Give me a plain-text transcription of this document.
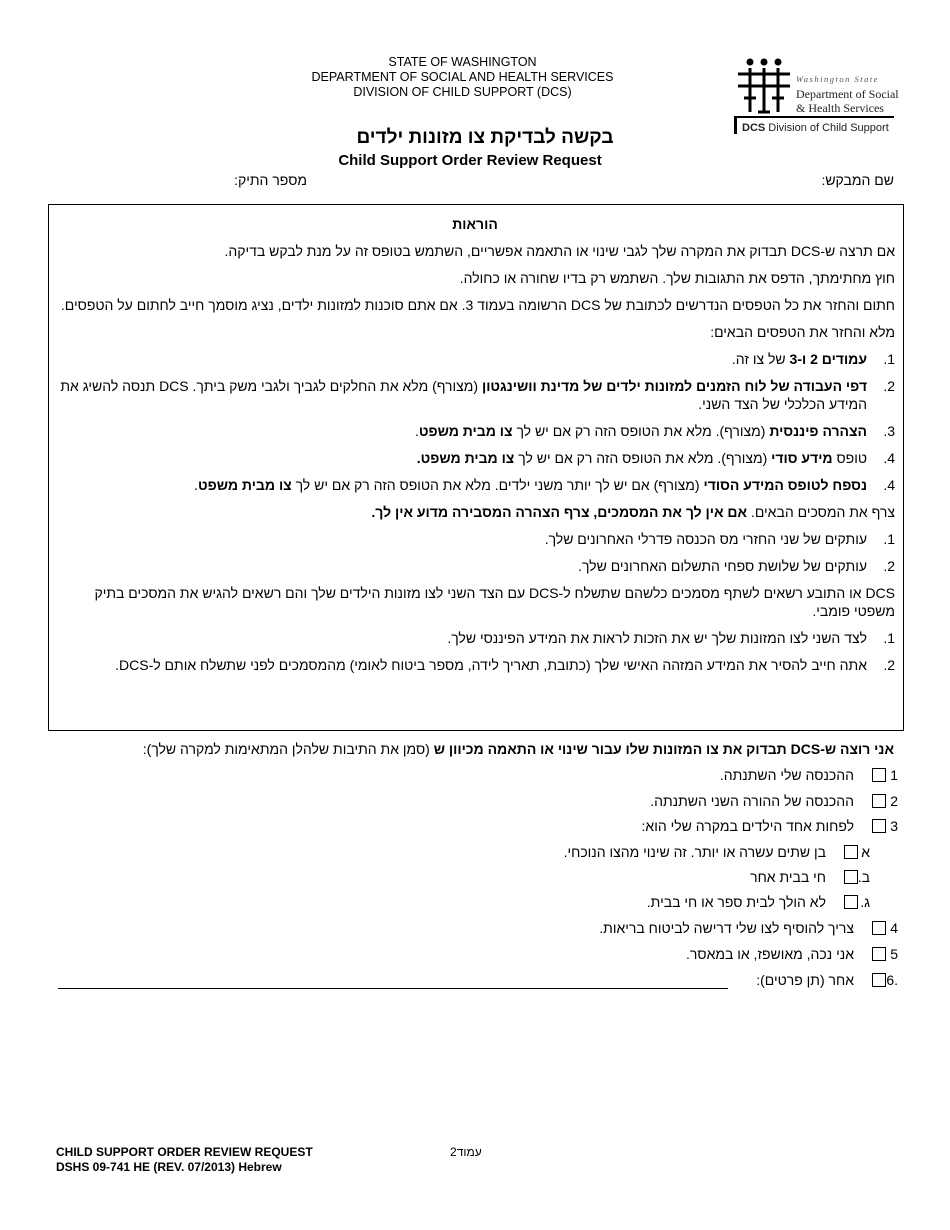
STATE OF WASHINGTON
DEPARTMENT OF SOCIAL AND HEALTH SERVICES
DIVISION OF CHILD SUPPORT (DCS)
Washington State
Department of Social
& Health Services
DCS Division of Child Support
בקשה לבדיקת צו מזונות ילדים
Child Support Order Review Request
שם המבקש:
מספר התיק:

הוראות

אם תרצה ש-DCS תבדוק את המקרה שלך לגבי שינוי או התאמה אפשריים, השתמש בטופס זה על מנת לבקש בדיקה.

חוץ מחתימתך, הדפס את התגובות שלך. השתמש רק בדיו שחורה או כחולה.

חתום והחזר את כל הטפסים הנדרשים לכתובת של DCS הרשומה בעמוד 3. אם אתם סוכנות למזונות ילדים, נציג מוסמך חייב לחתום על הטפסים.

מלא והחזר את הטפסים הבאים:

1.
עמודים 2 ו-3 של צו זה.

2.
דפי העבודה של לוח הזמנים למזונות ילדים של מדינת וושינגטון (מצורף) מלא את החלקים לגביך ולגבי משק ביתך. DCS תנסה להשיג את המידע הכלכלי של הצד השני.

3.
הצהרה פיננסית (מצורף). מלא את הטופס הזה רק אם יש לך צו מבית משפט.

4.
טופס מידע סודי (מצורף). מלא את הטופס הזה רק אם יש לך צו מבית משפט.

4.
נספח לטופס המידע הסודי (מצורף) אם יש לך יותר משני ילדים. מלא את הטופס הזה רק אם יש לך צו מבית משפט.

צרף את המסכים הבאים. אם אין לך את המסמכים, צרף הצהרה המסבירה מדוע אין לך.

1.
עותקים של שני החזרי מס הכנסה פדרלי האחרונים שלך.

2.
עותקים של שלושת ספחי התשלום האחרונים שלך.

DCS או התובע רשאים לשתף מסמכים כלשהם שתשלח ל-DCS עם הצד השני לצו מזונות הילדים שלך והם רשאים להגיש את המסכים בתיק משפטי פומבי.

1.
לצד השני לצו המזונות שלך יש את הזכות לראות את המידע הפיננסי שלך.

2.
אתה חייב להסיר את המידע המזהה האישי שלך (כתובת, תאריך לידה, מספר ביטוח לאומי) מהמסמכים לפני שתשלח אותם ל-DCS.

אני רוצה ש-DCS תבדוק את צו המזונות שלו עבור שינוי או התאמה מכיוון ש (סמן את התיבות שלהלן המתאימות למקרה שלך):
1
ההכנסה שלי השתנתה.
2
ההכנסה של ההורה השני השתנתה.
3
לפחות אחד הילדים במקרה שלי הוא:
א
בן שתים עשרה או יותר. זה שינוי מהצו הנוכחי.
ב.
חי בבית אחר
ג.
לא הולך לבית ספר או חי בבית.
4
צריך להוסיף לצו שלי דרישה לביטוח בריאות.
5
אני נכה, מאושפז, או במאסר.
.6
אחר (תן פרטים):
CHILD SUPPORT ORDER REVIEW REQUEST
DSHS 09-741 HE (REV. 07/2013) Hebrew
עמוד2
